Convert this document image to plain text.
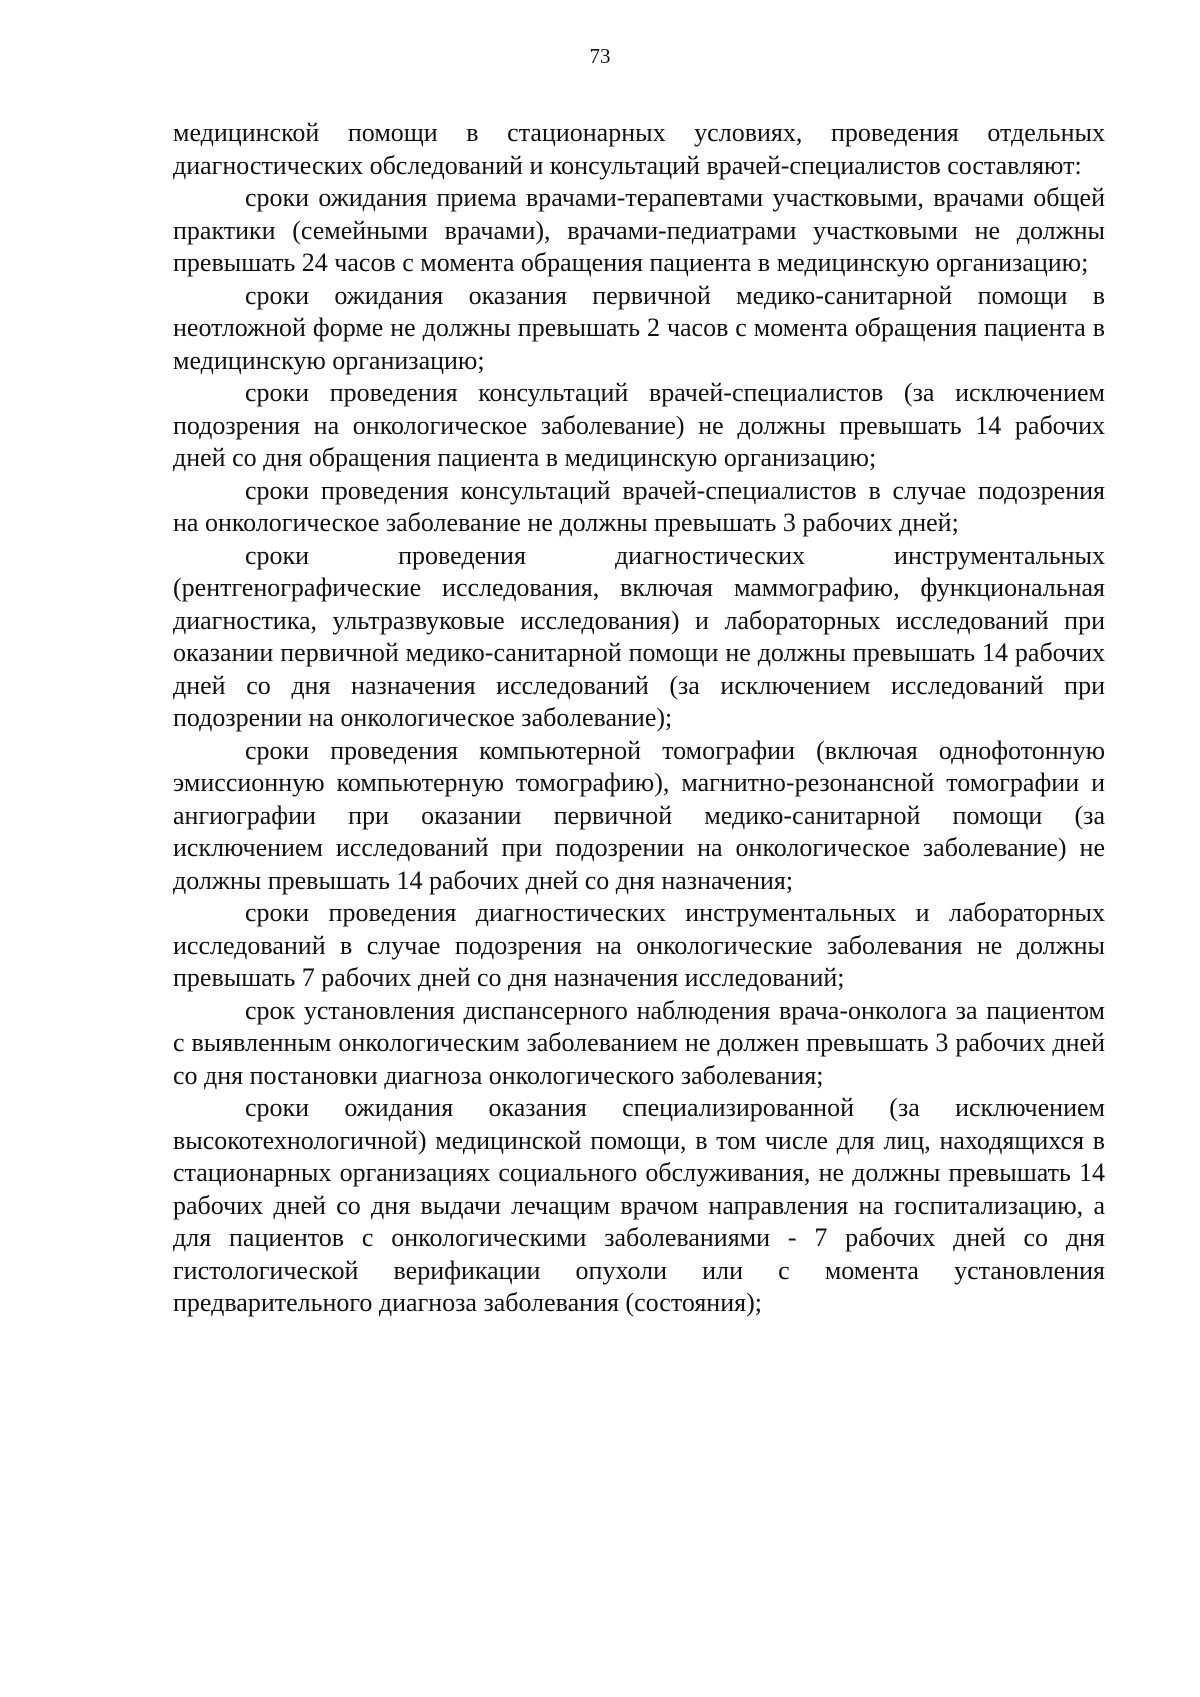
73

медицинской помощи в стационарных условиях, проведения отдельных диагностических обследований и консультаций врачей-специалистов составляют:

сроки ожидания приема врачами-терапевтами участковыми, врачами общей практики (семейными врачами), врачами-педиатрами участковыми не должны превышать 24 часов с момента обращения пациента в медицинскую организацию;

сроки ожидания оказания первичной медико-санитарной помощи в неотложной форме не должны превышать 2 часов с момента обращения пациента в медицинскую организацию;

сроки проведения консультаций врачей-специалистов (за исключением подозрения на онкологическое заболевание) не должны превышать 14 рабочих дней со дня обращения пациента в медицинскую организацию;

сроки проведения консультаций врачей-специалистов в случае подозрения на онкологическое заболевание не должны превышать 3 рабочих дней;

сроки проведения диагностических инструментальных (рентгенографические исследования, включая маммографию, функциональная диагностика, ультразвуковые исследования) и лабораторных исследований при оказании первичной медико-санитарной помощи не должны превышать 14 рабочих дней со дня назначения исследований (за исключением исследований при подозрении на онкологическое заболевание);

сроки проведения компьютерной томографии (включая однофотонную эмиссионную компьютерную томографию), магнитно-резонансной томографии и ангиографии при оказании первичной медико-санитарной помощи (за исключением исследований при подозрении на онкологическое заболевание) не должны превышать 14 рабочих дней со дня назначения;

сроки проведения диагностических инструментальных и лабораторных исследований в случае подозрения на онкологические заболевания не должны превышать 7 рабочих дней со дня назначения исследований;

срок установления диспансерного наблюдения врача-онколога за пациентом с выявленным онкологическим заболеванием не должен превышать 3 рабочих дней со дня постановки диагноза онкологического заболевания;

сроки ожидания оказания специализированной (за исключением высокотехнологичной) медицинской помощи, в том числе для лиц, находящихся в стационарных организациях социального обслуживания, не должны превышать 14 рабочих дней со дня выдачи лечащим врачом направления на госпитализацию, а для пациентов с онкологическими заболеваниями - 7 рабочих дней со дня гистологической верификации опухоли или с момента установления предварительного диагноза заболевания (состояния);
